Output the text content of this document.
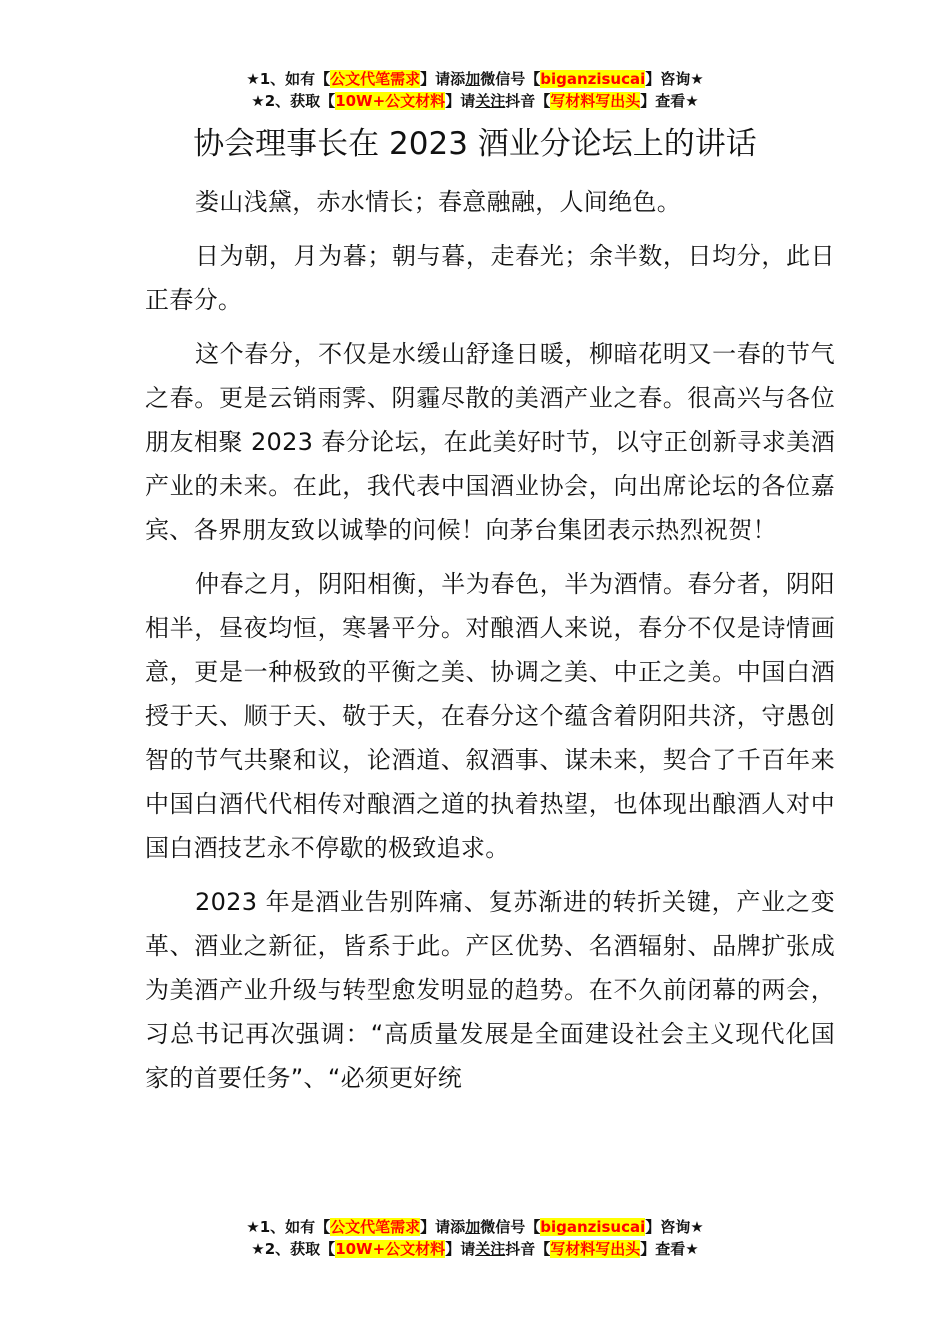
★1、如有【公文代笔需求】请添加微信号【biganzisucai】咨询★
★2、获取【10W+公文材料】请关注抖音【写材料写出头】查看★
协会理事长在 2023 酒业分论坛上的讲话

娄山浅黛，赤水情长；春意融融，人间绝色。

日为朝，月为暮；朝与暮，走春光；余半数，日均分，此日正春分。

这个春分，不仅是水缓山舒逢日暖，柳暗花明又一春的节气之春。更是云销雨霁、阴霾尽散的美酒产业之春。很高兴与各位朋友相聚 2023 春分论坛，在此美好时节，以守正创新寻求美酒产业的未来。在此，我代表中国酒业协会，向出席论坛的各位嘉宾、各界朋友致以诚挚的问候！向茅台集团表示热烈祝贺！

仲春之月，阴阳相衡，半为春色，半为酒情。春分者，阴阳相半，昼夜均恒，寒暑平分。对酿酒人来说，春分不仅是诗情画意，更是一种极致的平衡之美、协调之美、中正之美。中国白酒授于天、顺于天、敬于天，在春分这个蕴含着阴阳共济，守愚创智的节气共聚和议，论酒道、叙酒事、谋未来，契合了千百年来中国白酒代代相传对酿酒之道的执着热望，也体现出酿酒人对中国白酒技艺永不停歇的极致追求。

2023 年是酒业告别阵痛、复苏渐进的转折关键，产业之变革、酒业之新征，皆系于此。产区优势、名酒辐射、品牌扩张成为美酒产业升级与转型愈发明显的趋势。在不久前闭幕的两会，习总书记再次强调：“高质量发展是全面建设社会主义现代化国家的首要任务”、“必须更好统

★1、如有【公文代笔需求】请添加微信号【biganzisucai】咨询★
★2、获取【10W+公文材料】请关注抖音【写材料写出头】查看★
